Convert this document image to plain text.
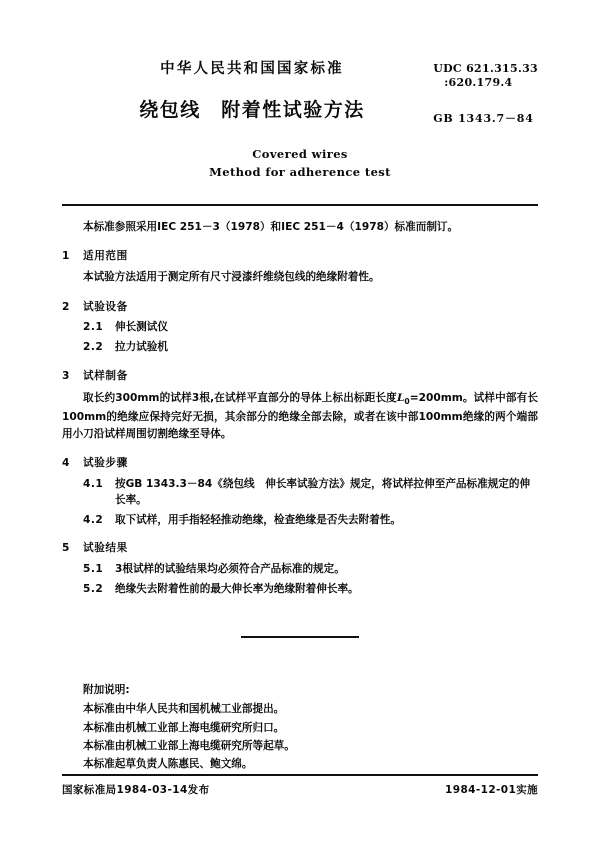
中华人民共和国国家标准
绕包线　附着性试验方法
UDC 621.315.33
:620.179.4
GB 1343.7－84
Covered wires
Method for adherence test

本标准参照采用IEC 251－3（1978）和IEC 251－4（1978）标准而制订。

1	适用范围

本试验方法适用于测定所有尺寸浸漆纤维绕包线的绝缘附着性。

2	试验设备
2.1	伸长测试仪
2.2	拉力试验机
3	试样制备

取长约300mm的试样3根,在试样平直部分的导体上标出标距长度$L_0=200mm$。试样中部有长100mm的绝缘应保持完好无损，其余部分的绝缘全部去除，或者在该中部100mm绝缘的两个端部用小刀沿试样周围切割绝缘至导体。

4	试验步骤
4.1	按GB 1343.3－84《绕包线　伸长率试验方法》规定，将试样拉伸至产品标准规定的伸长率。
4.2	取下试样，用手指轻轻推动绝缘，检查绝缘是否失去附着性。
5	试验结果
5.1	3根试样的试验结果均必须符合产品标准的规定。
5.2	绝缘失去附着性前的最大伸长率为绝缘附着伸长率。
附加说明:
本标准由中华人民共和国机械工业部提出。
本标准由机械工业部上海电缆研究所归口。
本标准由机械工业部上海电缆研究所等起草。
本标准起草负责人陈惠民、鲍文绵。
国家标准局1984-03-14发布	1984-12-01实施
